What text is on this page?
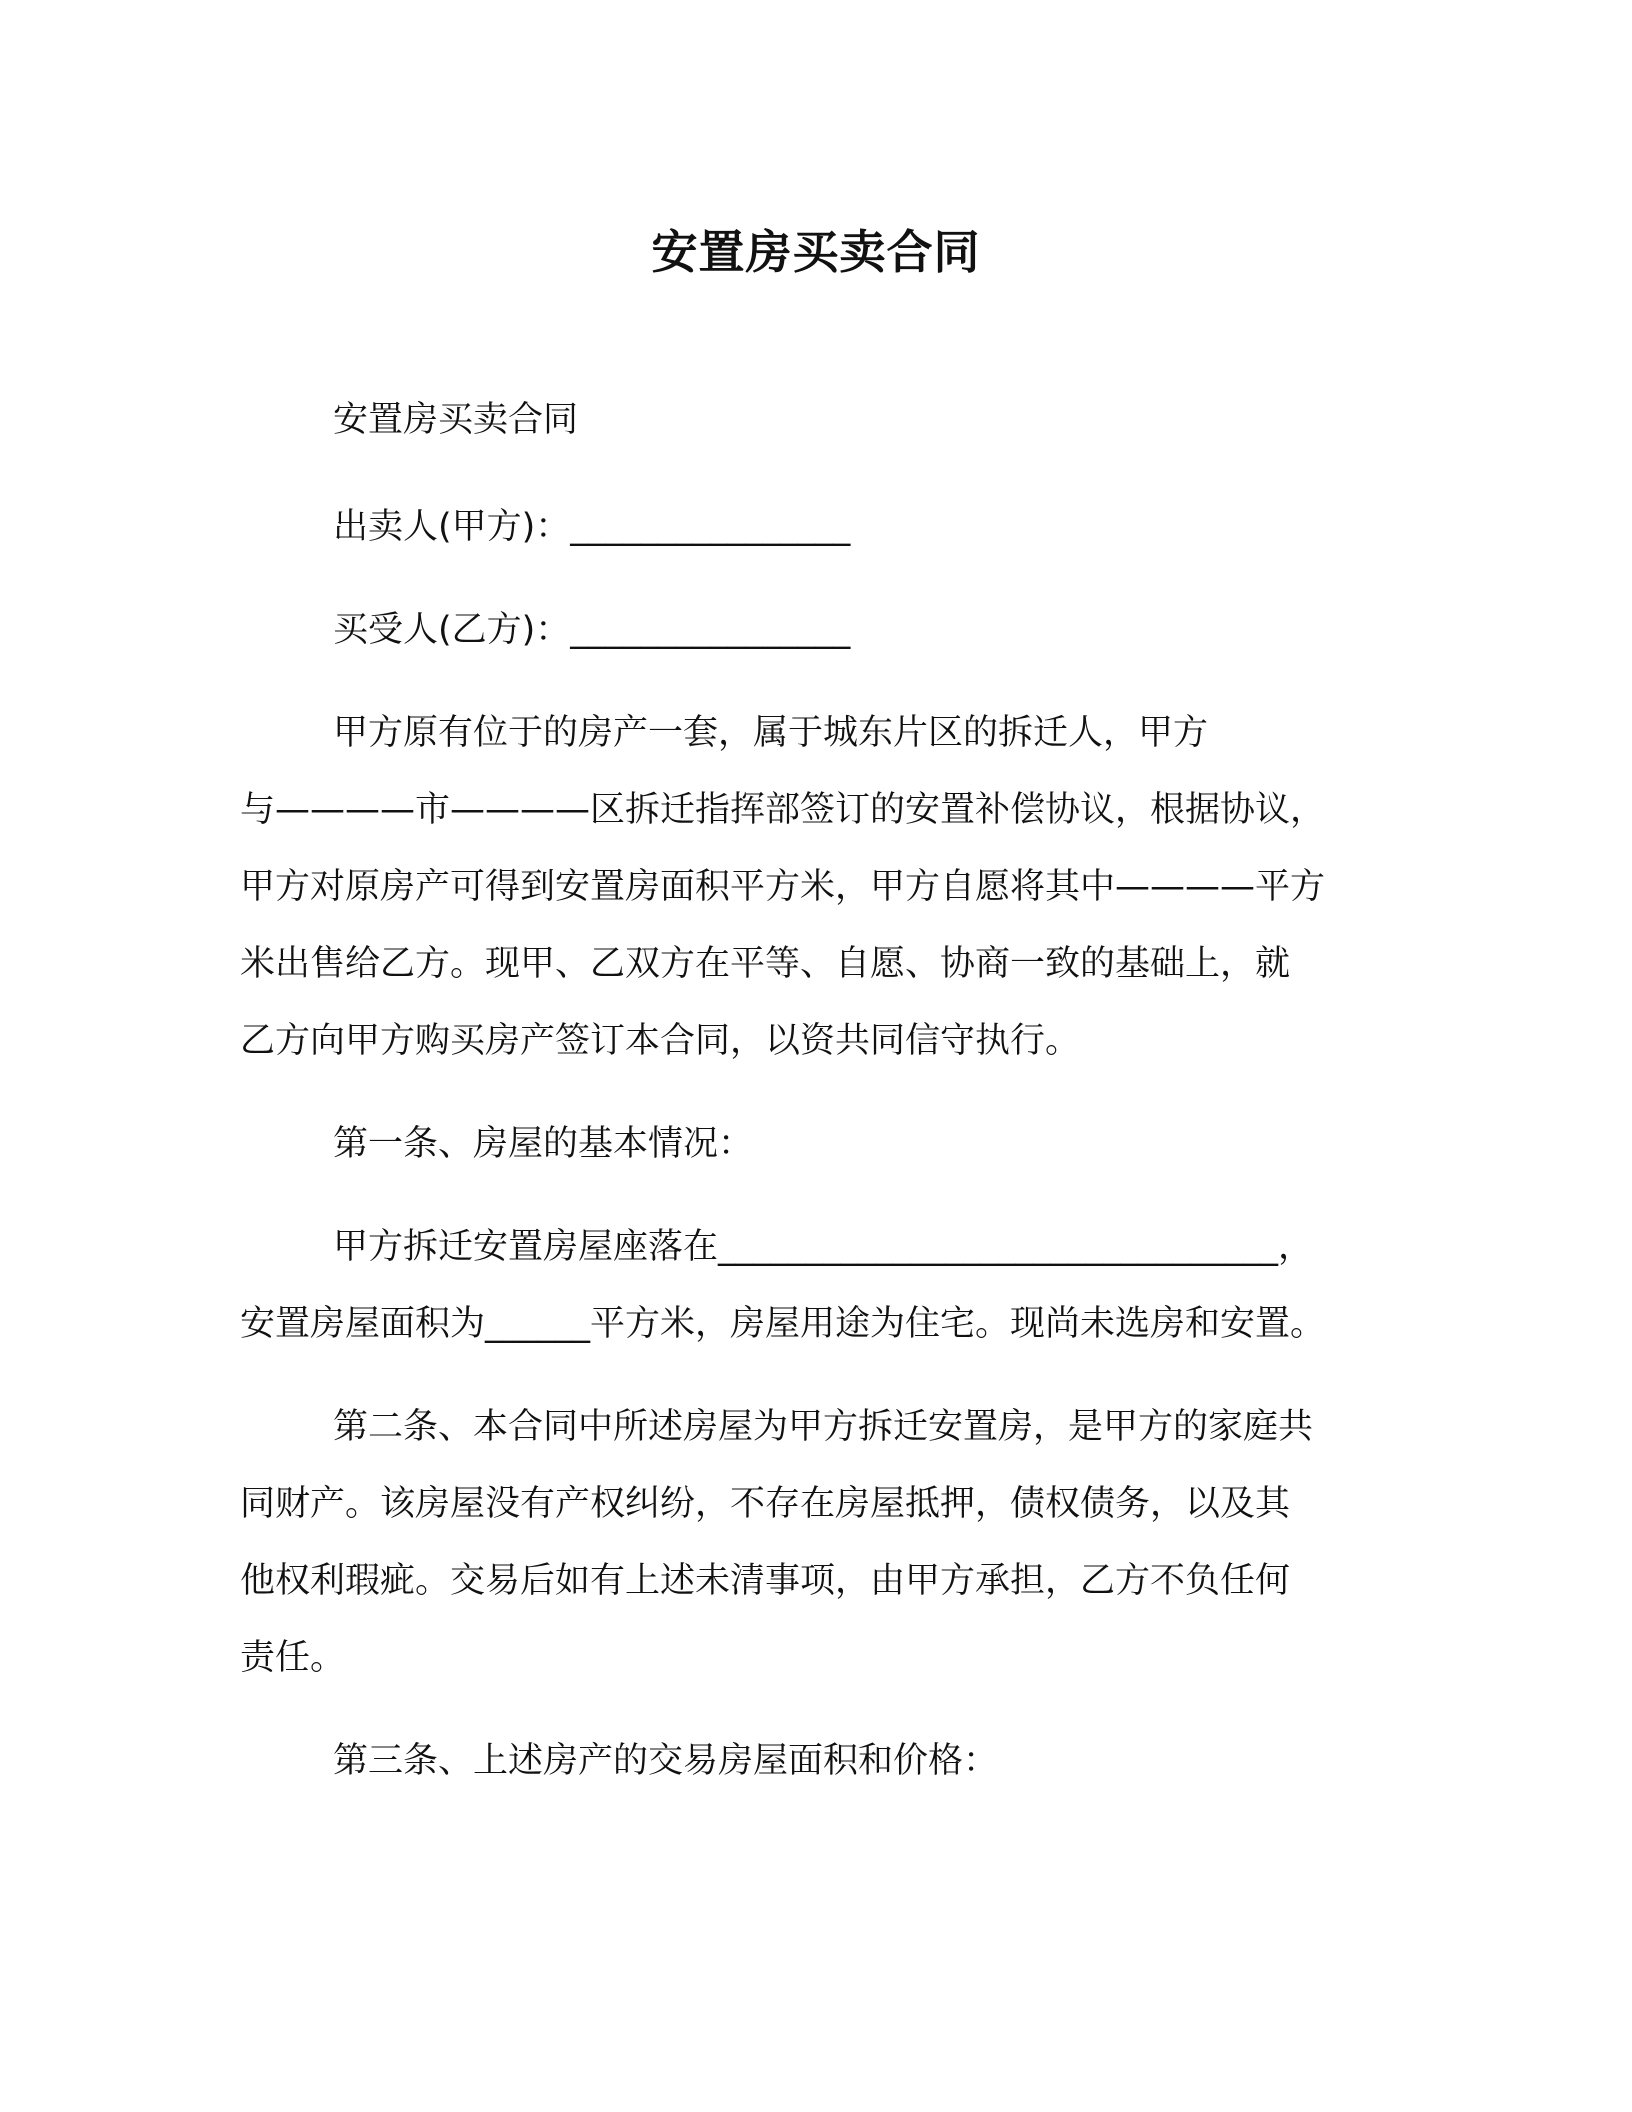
安置房买卖合同
安置房买卖合同
出卖人(甲方)：________________
买受人(乙方)：________________
甲方原有位于的房产一套，属于城东片区的拆迁人，甲方
与————市————区拆迁指挥部签订的安置补偿协议，根据协议，
甲方对原房产可得到安置房面积平方米，甲方自愿将其中————平方
米出售给乙方。现甲、乙双方在平等、自愿、协商一致的基础上，就
乙方向甲方购买房产签订本合同，以资共同信守执行。
第一条、房屋的基本情况：
甲方拆迁安置房屋座落在________________________________，
安置房屋面积为______平方米，房屋用途为住宅。现尚未选房和安置。
第二条、本合同中所述房屋为甲方拆迁安置房，是甲方的家庭共
同财产。该房屋没有产权纠纷，不存在房屋抵押，债权债务，以及其
他权利瑕疵。交易后如有上述未清事项，由甲方承担，乙方不负任何
责任。
第三条、上述房产的交易房屋面积和价格：
